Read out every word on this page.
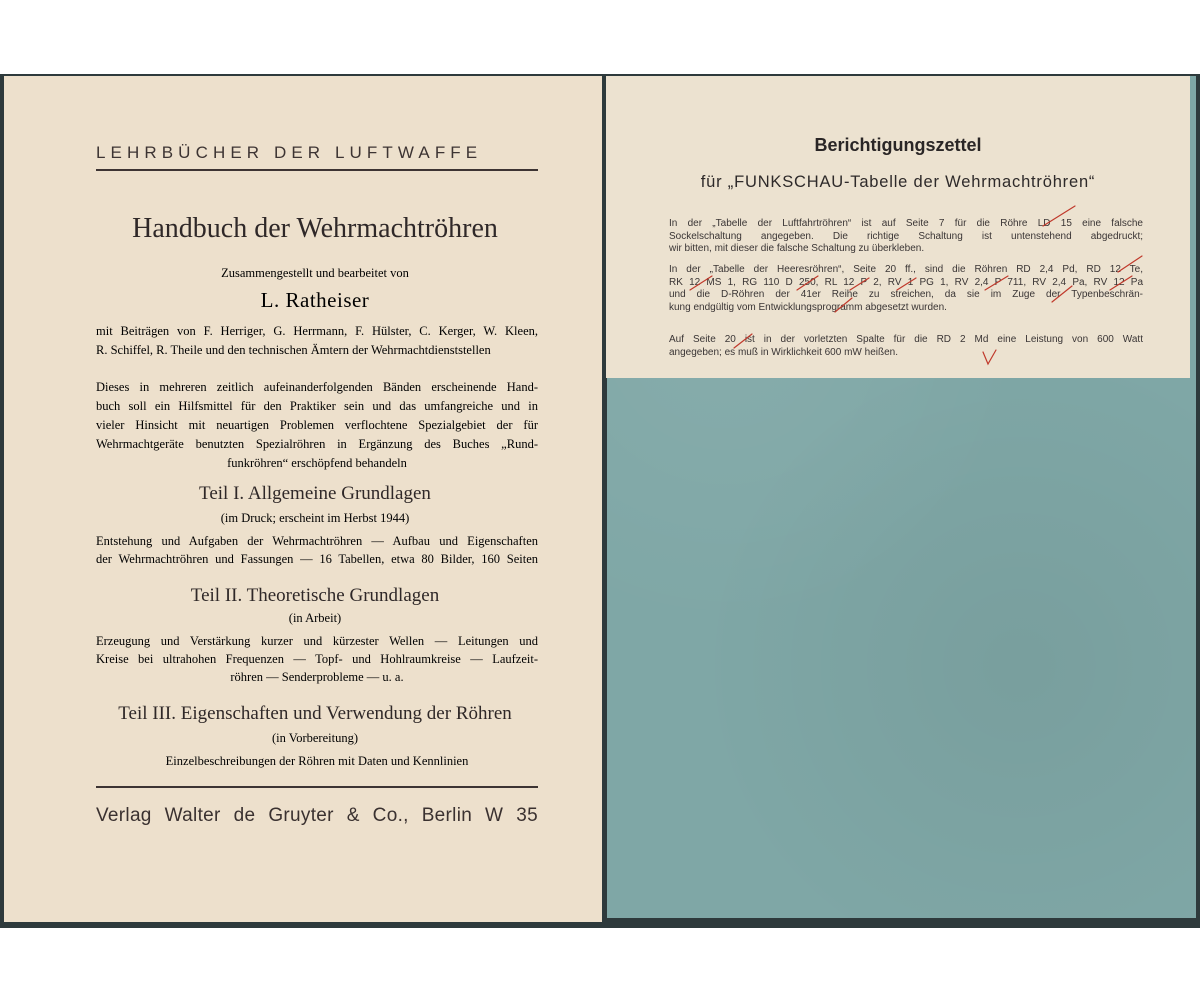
LEHRBÜCHER DER LUFTWAFFE
Handbuch der Wehrmachtröhren
Zusammengestellt und bearbeitet von
L. Ratheiser
mit Beiträgen von F. Herriger, G. Herrmann, F. Hülster, C. Kerger, W. Kleen,
R. Schiffel, R. Theile und den technischen Ämtern der Wehrmachtdienststellen
Dieses in mehreren zeitlich aufeinanderfolgenden Bänden erscheinende Hand-
buch soll ein Hilfsmittel für den Praktiker sein und das umfangreiche und in
vieler Hinsicht mit neuartigen Problemen verflochtene Spezialgebiet der für
Wehrmachtgeräte benutzten Spezialröhren in Ergänzung des Buches „Rund-
funkröhren“ erschöpfend behandeln
Teil I. Allgemeine Grundlagen
(im Druck; erscheint im Herbst 1944)
Entstehung und Aufgaben der Wehrmachtröhren — Aufbau und Eigenschaften
der Wehrmachtröhren und Fassungen — 16 Tabellen, etwa 80 Bilder, 160 Seiten
Teil II. Theoretische Grundlagen
(in Arbeit)
Erzeugung und Verstärkung kurzer und kürzester Wellen — Leitungen und
Kreise bei ultrahohen Frequenzen — Topf- und Hohlraumkreise — Laufzeit-
röhren — Senderprobleme — u. a.
Teil III. Eigenschaften und Verwendung der Röhren
(in Vorbereitung)
Einzelbeschreibungen der Röhren mit Daten und Kennlinien
Verlag Walter de Gruyter & Co., Berlin W 35
Berichtigungszettel
für „FUNKSCHAU-Tabelle der Wehrmachtröhren“
In der „Tabelle der Luftfahrtröhren“ ist auf Seite 7 für die Röhre LD 15 eine falsche
Sockelschaltung angegeben. Die richtige Schaltung ist untenstehend abgedruckt;
wir bitten, mit dieser die falsche Schaltung zu überkleben.
In der „Tabelle der Heeresröhren“, Seite 20 ff., sind die Röhren RD 2,4 Pd, RD 12 Te,
RK 12 MS 1, RG 110 D 250, RL 12 P 2, RV 1 PG 1, RV 2,4 P 711, RV 2,4 Pa, RV 12 Pa
und die D-Röhren der 41er Reihe zu streichen, da sie im Zuge der Typenbeschrän-
kung endgültig vom Entwicklungsprogramm abgesetzt wurden.
Auf Seite 20 ist in der vorletzten Spalte für die RD 2 Md eine Leistung von 600 Watt
angegeben; es muß in Wirklichkeit 600 mW heißen.
